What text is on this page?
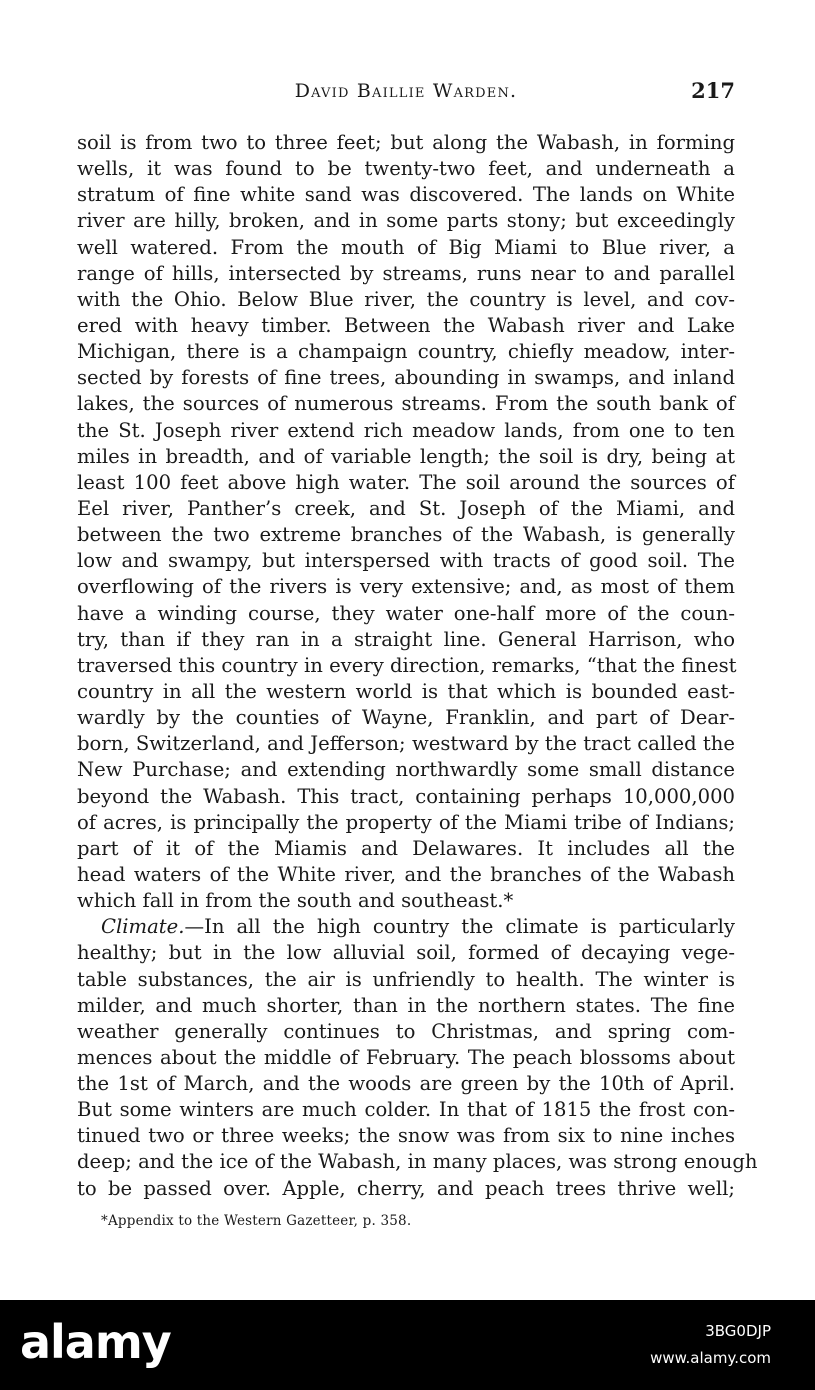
David Baillie Warden.	217
soil is from two to three feet; but along the Wabash, in forming
wells, it was found to be twenty-two feet, and underneath a
stratum of fine white sand was discovered. The lands on White
river are hilly, broken, and in some parts stony; but exceedingly
well watered. From the mouth of Big Miami to Blue river, a
range of hills, intersected by streams, runs near to and parallel
with the Ohio. Below Blue river, the country is level, and cov-
ered with heavy timber. Between the Wabash river and Lake
Michigan, there is a champaign country, chiefly meadow, inter-
sected by forests of fine trees, abounding in swamps, and inland
lakes, the sources of numerous streams. From the south bank of
the St. Joseph river extend rich meadow lands, from one to ten
miles in breadth, and of variable length; the soil is dry, being at
least 100 feet above high water. The soil around the sources of
Eel river, Panther’s creek, and St. Joseph of the Miami, and
between the two extreme branches of the Wabash, is generally
low and swampy, but interspersed with tracts of good soil. The
overflowing of the rivers is very extensive; and, as most of them
have a winding course, they water one-half more of the coun-
try, than if they ran in a straight line. General Harrison, who
traversed this country in every direction, remarks, “that the finest
country in all the western world is that which is bounded east-
wardly by the counties of Wayne, Franklin, and part of Dear-
born, Switzerland, and Jefferson; westward by the tract called the
New Purchase; and extending northwardly some small distance
beyond the Wabash. This tract, containing perhaps 10,000,000
of acres, is principally the property of the Miami tribe of Indians;
part of it of the Miamis and Delawares. It includes all the
head waters of the White river, and the branches of the Wabash
which fall in from the south and southeast.*
Climate.—In all the high country the climate is particularly
healthy; but in the low alluvial soil, formed of decaying vege-
table substances, the air is unfriendly to health. The winter is
milder, and much shorter, than in the northern states. The fine
weather generally continues to Christmas, and spring com-
mences about the middle of February. The peach blossoms about
the 1st of March, and the woods are green by the 10th of April.
But some winters are much colder. In that of 1815 the frost con-
tinued two or three weeks; the snow was from six to nine inches
deep; and the ice of the Wabash, in many places, was strong enough
to be passed over. Apple, cherry, and peach trees thrive well;
*Appendix to the Western Gazetteer, p. 358.
alamy	3BG0DJP
www.alamy.com
